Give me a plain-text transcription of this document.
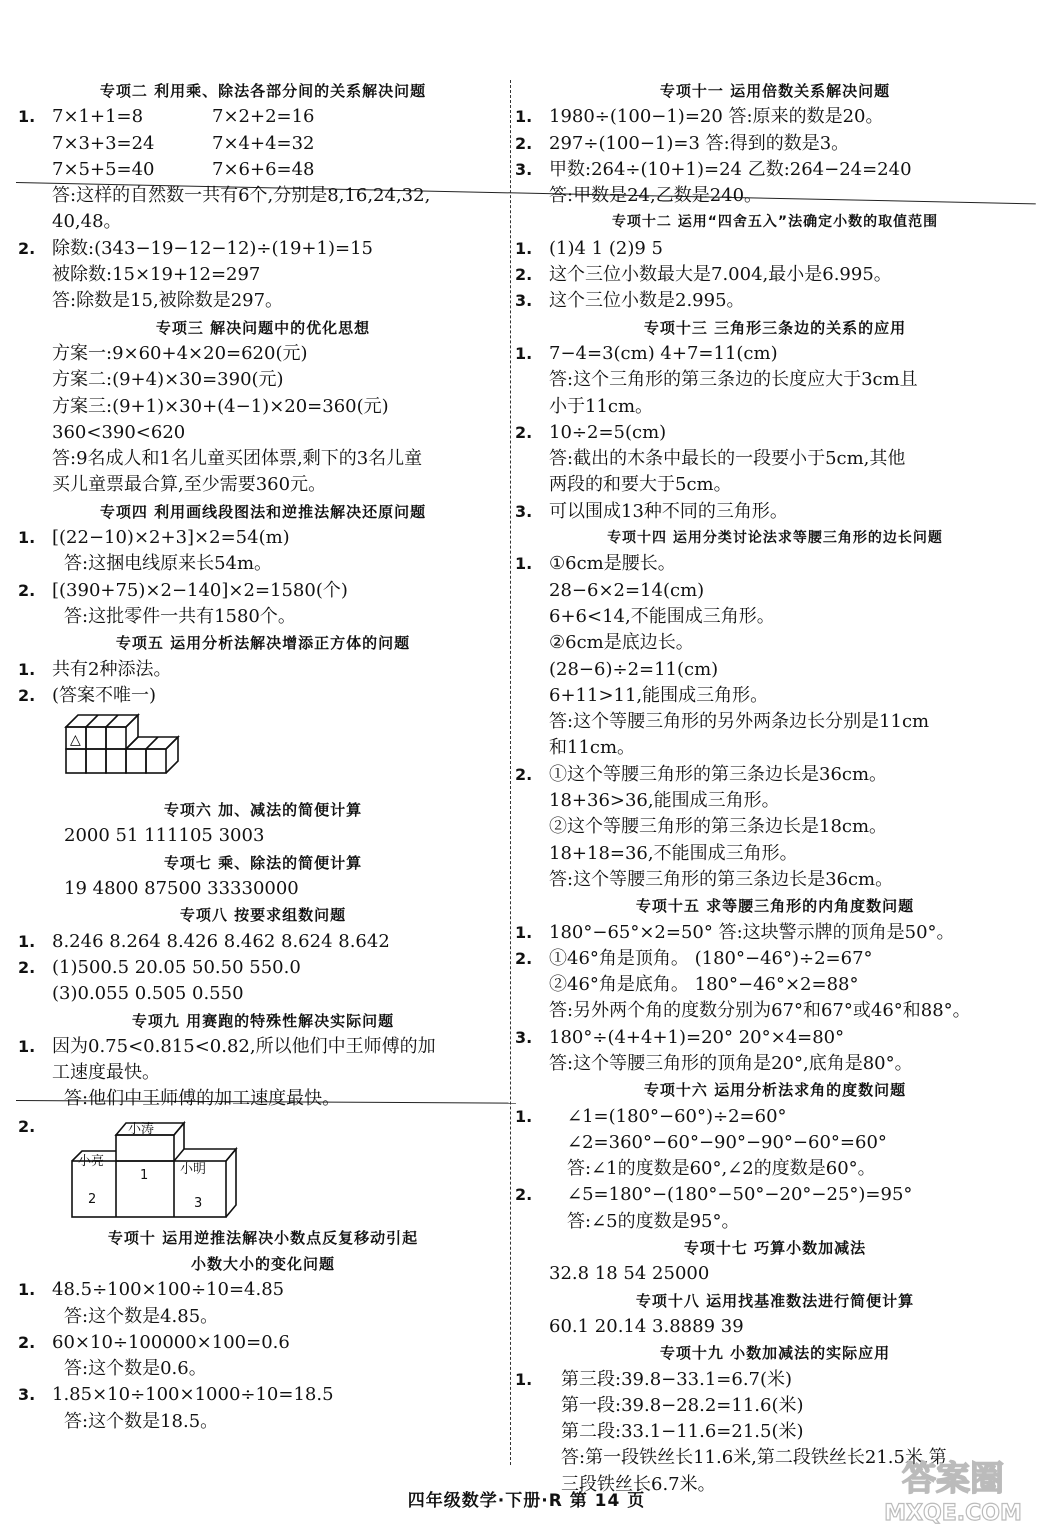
专项二 利用乘、除法各部分间的关系解决问题
1. 7×1+1=8	7×2+2=16
7×3+3=24	7×4+4=32
7×5+5=40	7×6+6=48
答:这样的自然数一共有6个,分别是8,16,24,32,
40,48。
2. 除数:(343−19−12−12)÷(19+1)=15
被除数:15×19+12=297
答:除数是15,被除数是297。
专项三 解决问题中的优化思想
方案一:9×60+4×20=620(元)
方案二:(9+4)×30=390(元)
方案三:(9+1)×30+(4−1)×20=360(元)
360<390<620
答:9名成人和1名儿童买团体票,剩下的3名儿童
买儿童票最合算,至少需要360元。
专项四 利用画线段图法和逆推法解决还原问题
1. [(22−10)×2+3]×2=54(m)
答:这捆电线原来长54m。
2. [(390+75)×2−140]×2=1580(个)
答:这批零件一共有1580个。
专项五 运用分析法解决增添正方体的问题
1. 共有2种添法。
2. (答案不唯一)
△
专项六 加、减法的简便计算
2000 51 111105 3003
专项七 乘、除法的简便计算
19 4800 87500 33330000
专项八 按要求组数问题
1. 8.246 8.264 8.426 8.462 8.624 8.642
2. (1)500.5 20.05 50.50 550.0
(3)0.055 0.505 0.550
专项九 用赛跑的特殊性解决实际问题
1. 因为0.75<0.815<0.82,所以他们中王师傅的加
工速度最快。
答:他们中王师傅的加工速度最快。
2.	小涛
小亮
小明
1
2	3
专项十 运用逆推法解决小数点反复移动引起
小数大小的变化问题
1. 48.5÷100×100÷10=4.85
答:这个数是4.85。
2. 60×10÷100000×100=0.6
答:这个数是0.6。
3. 1.85×10÷100×1000÷10=18.5
答:这个数是18.5。
专项十一 运用倍数关系解决问题
1. 1980÷(100−1)=20 答:原来的数是20。
2. 297÷(100−1)=3 答:得到的数是3。
3. 甲数:264÷(10+1)=24 乙数:264−24=240
答:甲数是24,乙数是240。
专项十二 运用“四舍五入”法确定小数的取值范围
1. (1)4 1 (2)9 5
2. 这个三位小数最大是7.004,最小是6.995。
3. 这个三位小数是2.995。
专项十三 三角形三条边的关系的应用
1. 7−4=3(cm) 4+7=11(cm)
答:这个三角形的第三条边的长度应大于3cm且
小于11cm。
2. 10÷2=5(cm)
答:截出的木条中最长的一段要小于5cm,其他
两段的和要大于5cm。
3. 可以围成13种不同的三角形。
专项十四 运用分类讨论法求等腰三角形的边长问题
1. ①6cm是腰长。
28−6×2=14(cm)
6+6<14,不能围成三角形。
②6cm是底边长。
(28−6)÷2=11(cm)
6+11>11,能围成三角形。
答:这个等腰三角形的另外两条边长分别是11cm
和11cm。
2. ①这个等腰三角形的第三条边长是36cm。
18+36>36,能围成三角形。
②这个等腰三角形的第三条边长是18cm。
18+18=36,不能围成三角形。
答:这个等腰三角形的第三条边长是36cm。
专项十五 求等腰三角形的内角度数问题
1. 180°−65°×2=50° 答:这块警示牌的顶角是50°。
2. ①46°角是顶角。 (180°−46°)÷2=67°
②46°角是底角。 180°−46°×2=88°
答:另外两个角的度数分别为67°和67°或46°和88°。
3. 180°÷(4+4+1)=20° 20°×4=80°
答:这个等腰三角形的顶角是20°,底角是80°。
专项十六 运用分析法求角的度数问题
1. ∠1=(180°−60°)÷2=60°
∠2=360°−60°−90°−90°−60°=60°
答:∠1的度数是60°,∠2的度数是60°。
2. ∠5=180°−(180°−50°−20°−25°)=95°
答:∠5的度数是95°。
专项十七 巧算小数加减法
32.8 18 54 25000
专项十八 运用找基准数法进行简便计算
60.1 20.14 3.8889 39
专项十九 小数加减法的实际应用
1. 第三段:39.8−33.1=6.7(米)
第一段:39.8−28.2=11.6(米)
第二段:33.1−11.6=21.5(米)
答:第一段铁丝长11.6米,第二段铁丝长21.5米,第
三段铁丝长6.7米。
四年级数学·下册·R 第 14 页
答案圈
MXQE.COM
